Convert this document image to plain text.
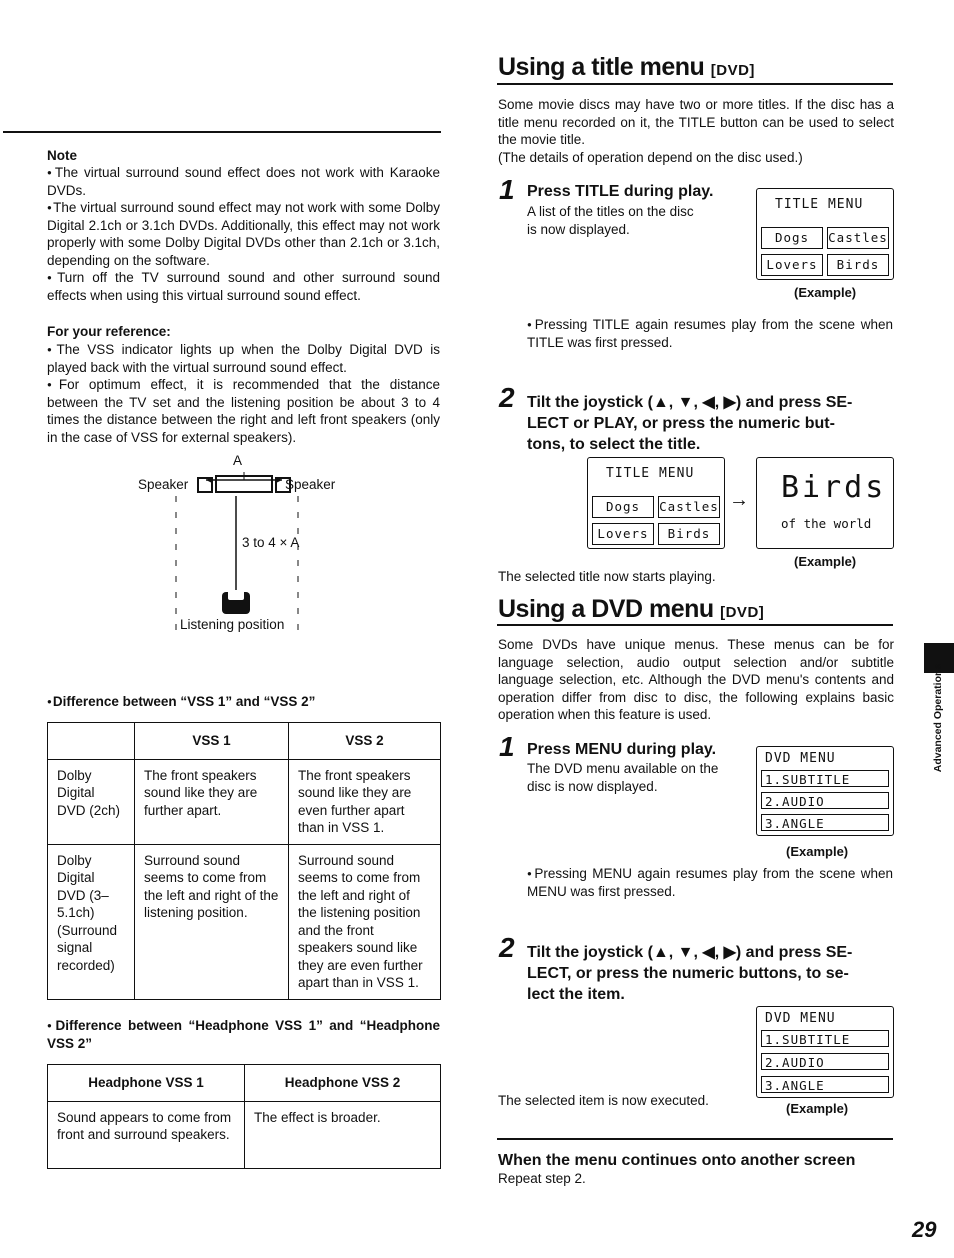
Note
● The virtual surround sound effect does not work with Karaoke DVDs.
● The virtual surround sound effect may not work with some Dolby Digital 2.1ch or 3.1ch DVDs. Additionally, this effect may not work properly with some Dolby Digital DVDs other than 2.1ch or 3.1ch, depending on the software.
● Turn off the TV surround sound and other surround sound effects when using this virtual surround sound effect.
For your reference:
● The VSS indicator lights up when the Dolby Digital DVD is played back with the virtual surround sound effect.
● For optimum effect, it is recommended that the distance between the TV set and the listening position be about 3 to 4 times the distance between the right and left front speakers (only in the case of VSS for external speakers).
A
Speaker	Speaker
3 to 4 × A
Listening position
● Difference between “VSS 1” and “VSS 2”
	VSS 1	VSS 2
Dolby Digital DVD (2ch)	The front speakers sound like they are further apart.	The front speakers sound like they are even further apart than in VSS 1.
Dolby Digital DVD (3–5.1ch) (Surround signal recorded)	Surround sound seems to come from the left and right of the listening position.	Surround sound seems to come from the left and right of the listening position and the front speakers sound like they are even further apart than in VSS 1.
● Difference between “Headphone VSS 1” and “Headphone VSS 2”
Headphone VSS 1	Headphone VSS 2
Sound appears to come from front and surround speakers.	The effect is broader.
Using a title menu [DVD]
Some movie discs may have two or more titles. If the disc has a title menu recorded on it, the TITLE button can be used to select the movie title.
(The details of operation depend on the disc used.)
1 Press TITLE during play.
A list of the titles on the disc is now displayed.
TITLE MENU
Dogs	Castles
Lovers	Birds
(Example)
● Pressing TITLE again resumes play from the scene when TITLE was first pressed.
2 Tilt the joystick (▲, ▼, ◀, ▶) and press SE-
LECT or PLAY, or press the numeric but-
tons, to select the title.
TITLE MENU
Dogs	Castles
Lovers	Birds
→ Birds
of the world
(Example)
The selected title now starts playing.
Using a DVD menu [DVD]
Some DVDs have unique menus. These menus can be for language selection, audio output selection and/or subtitle language selection, etc. Although the DVD menu's contents and operation differ from disc to disc, the following explains basic operation when this feature is used.
1 Press MENU during play.
The DVD menu available on the disc is now displayed.
DVD MENU
1.SUBTITLE
2.AUDIO
3.ANGLE
(Example)
● Pressing MENU again resumes play from the scene when MENU was first pressed.
2 Tilt the joystick (▲, ▼, ◀, ▶) and press SE-
LECT, or press the numeric buttons, to se-
lect the item.
DVD MENU
1.SUBTITLE
2.AUDIO
3.ANGLE
The selected item is now executed.
(Example)
When the menu continues onto another screen
Repeat step 2.
Advanced Operations
29
